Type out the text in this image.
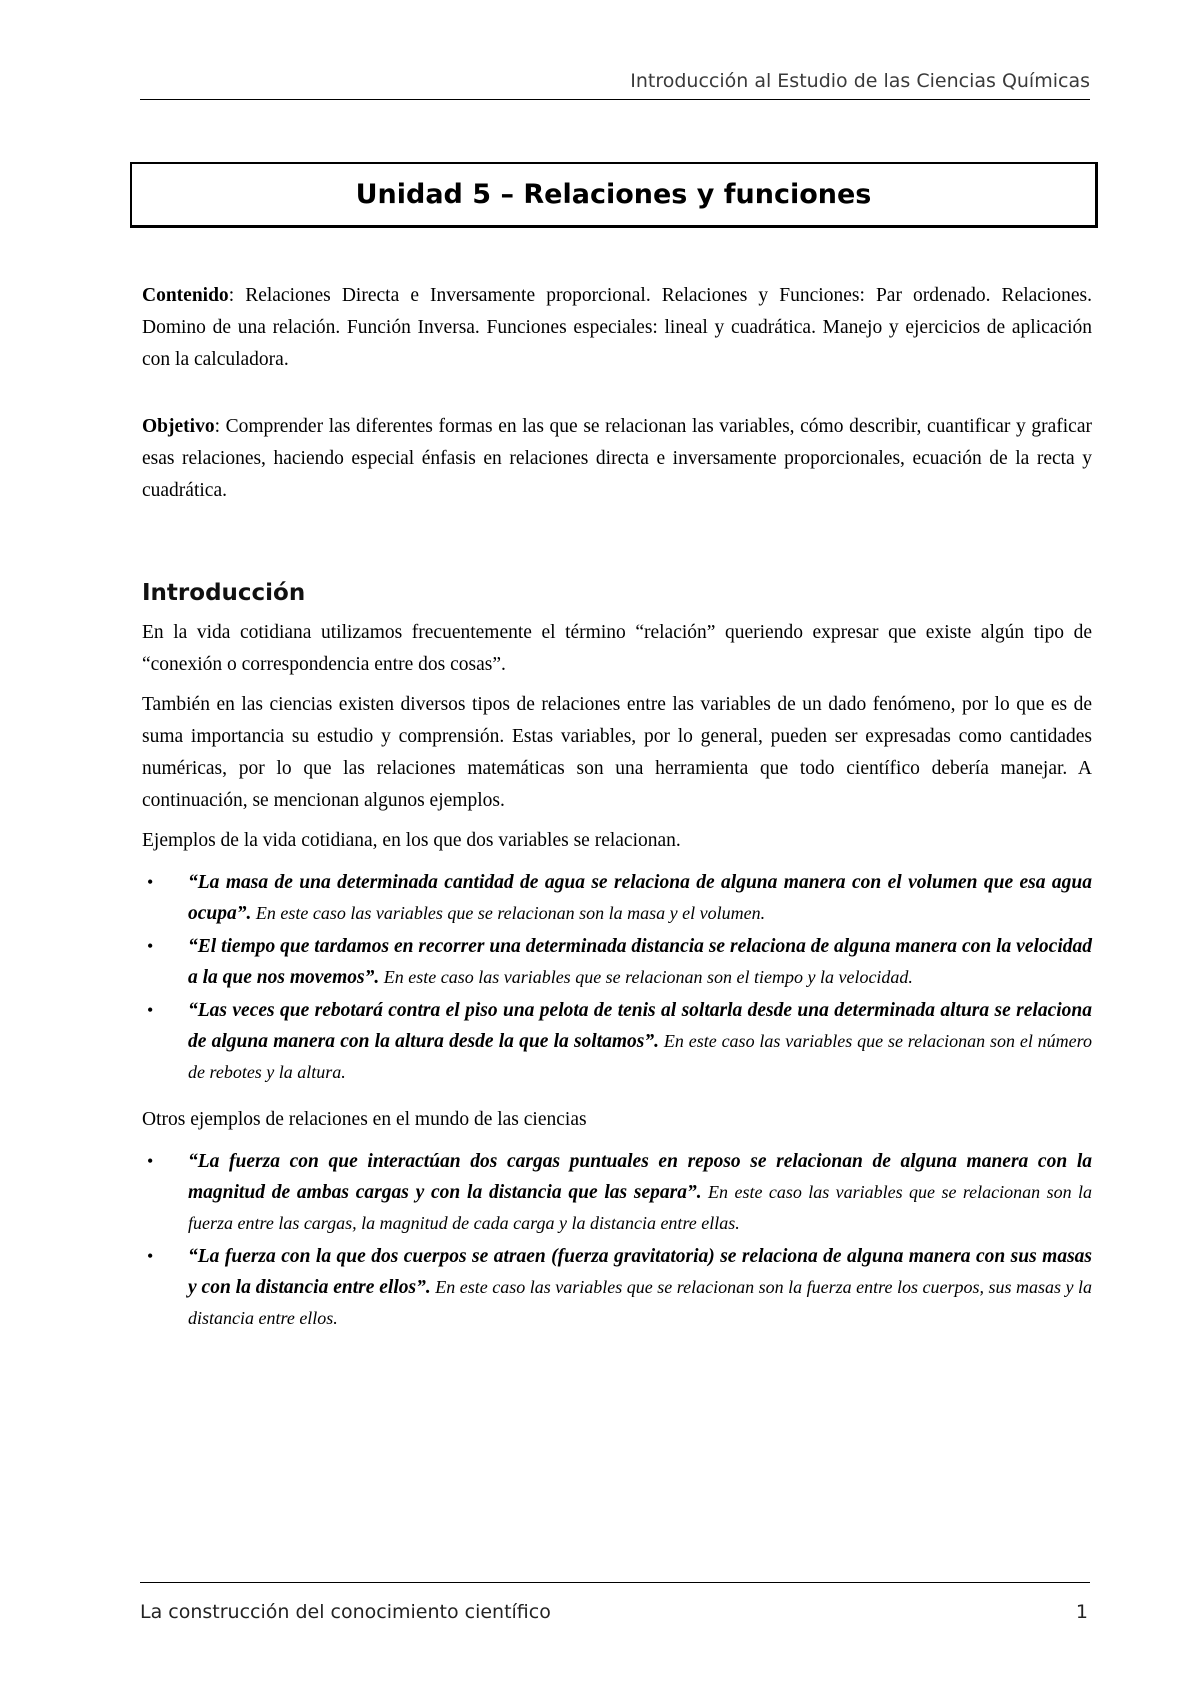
Introducción al Estudio de las Ciencias Químicas
Unidad 5 – Relaciones y funciones

Contenido: Relaciones Directa e Inversamente proporcional. Relaciones y Funciones: Par ordenado. Relaciones. Domino de una relación. Función Inversa. Funciones especiales: lineal y cuadrática. Manejo y ejercicios de aplicación con la calculadora.

Objetivo: Comprender las diferentes formas en las que se relacionan las variables, cómo describir, cuantificar y graficar esas relaciones, haciendo especial énfasis en relaciones directa e inversamente proporcionales, ecuación de la recta y cuadrática.

Introducción

En la vida cotidiana utilizamos frecuentemente el término “relación” queriendo expresar que existe algún tipo de “conexión o correspondencia entre dos cosas”.

También en las ciencias existen diversos tipos de relaciones entre las variables de un dado fenómeno, por lo que es de suma importancia su estudio y comprensión. Estas variables, por lo general, pueden ser expresadas como cantidades numéricas, por lo que las relaciones matemáticas son una herramienta que todo científico debería manejar. A continuación, se mencionan algunos ejemplos.

Ejemplos de la vida cotidiana, en los que dos variables se relacionan.

• “La masa de una determinada cantidad de agua se relaciona de alguna manera con el volumen que esa agua ocupa”. En este caso las variables que se relacionan son la masa y el volumen.
• “El tiempo que tardamos en recorrer una determinada distancia se relaciona de alguna manera con la velocidad a la que nos movemos”. En este caso las variables que se relacionan son el tiempo y la velocidad.
• “Las veces que rebotará contra el piso una pelota de tenis al soltarla desde una determinada altura se relaciona de alguna manera con la altura desde la que la soltamos”. En este caso las variables que se relacionan son el número de rebotes y la altura.

Otros ejemplos de relaciones en el mundo de las ciencias

• “La fuerza con que interactúan dos cargas puntuales en reposo se relacionan de alguna manera con la magnitud de ambas cargas y con la distancia que las separa”. En este caso las variables que se relacionan son la fuerza entre las cargas, la magnitud de cada carga y la distancia entre ellas.
• “La fuerza con la que dos cuerpos se atraen (fuerza gravitatoria) se relaciona de alguna manera con sus masas y con la distancia entre ellos”. En este caso las variables que se relacionan son la fuerza entre los cuerpos, sus masas y la distancia entre ellos.
La construcción del conocimiento científico	1
